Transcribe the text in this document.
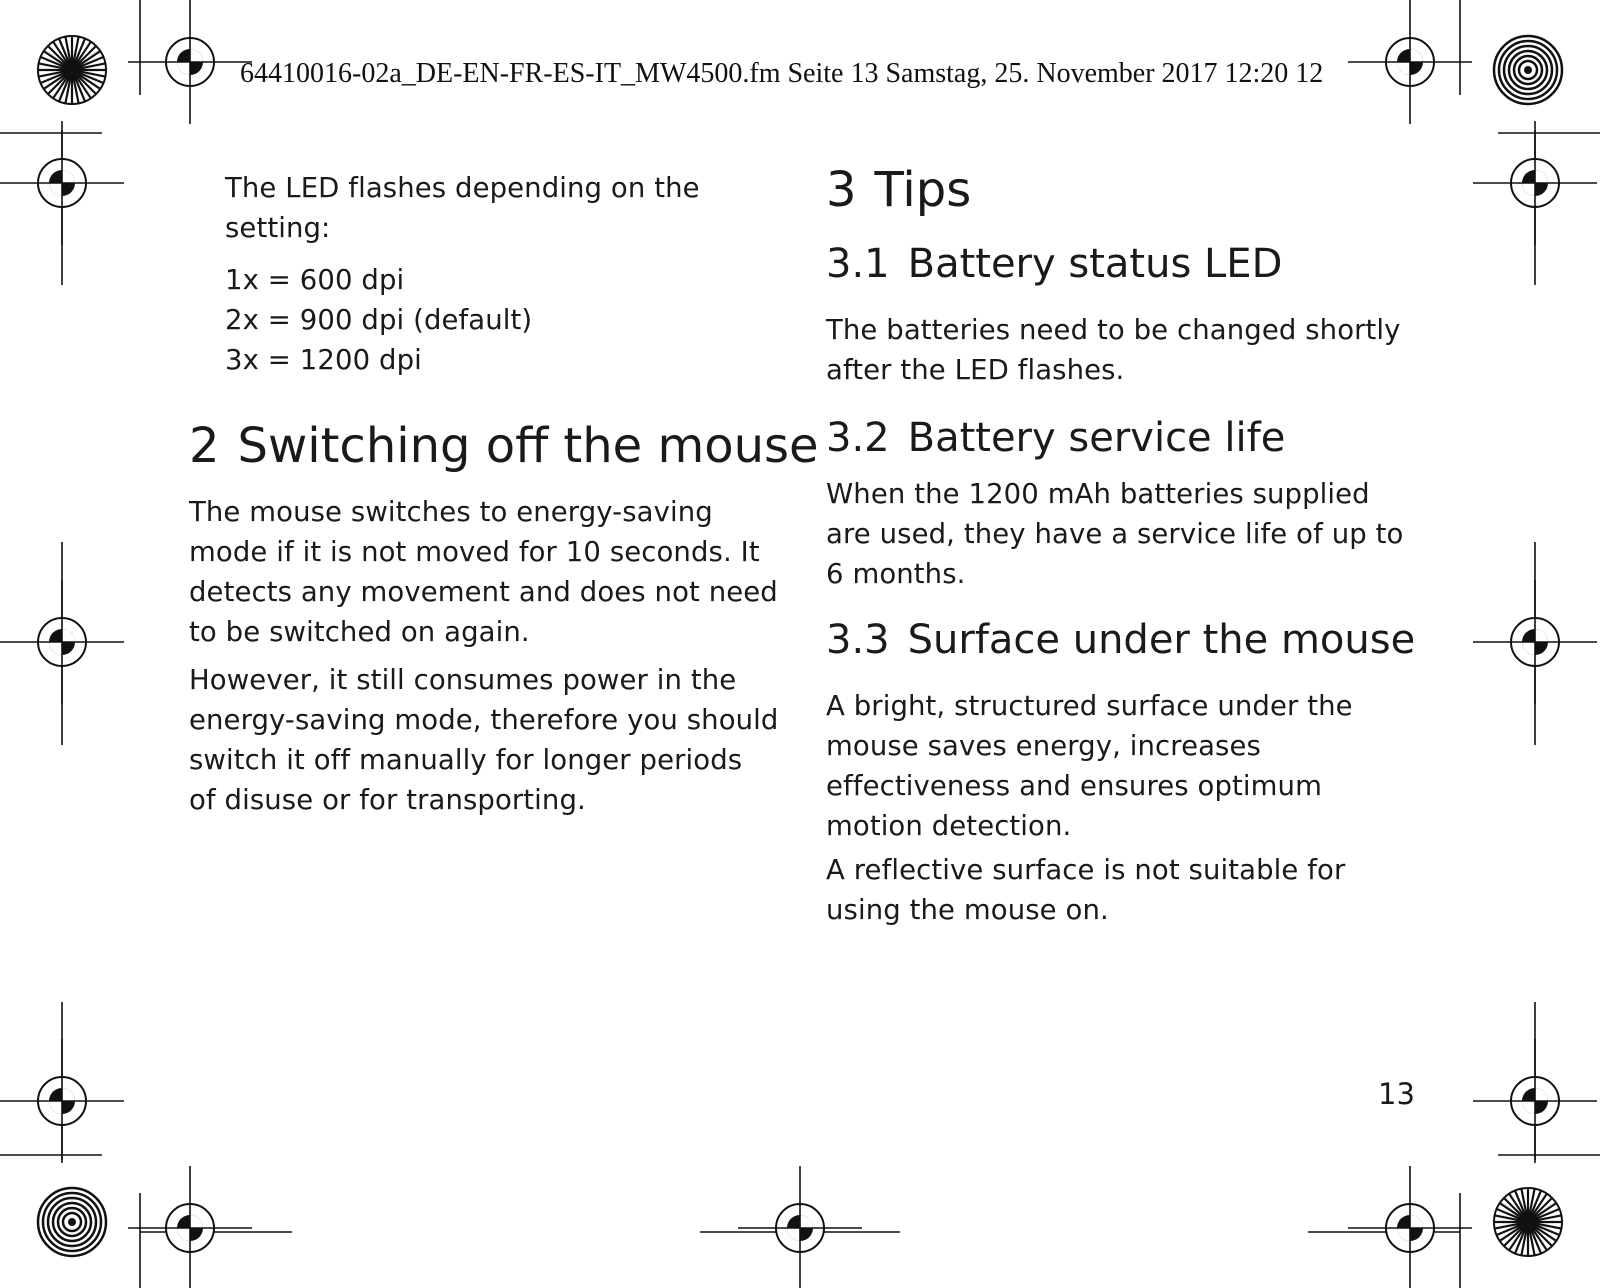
64410016-02a_DE-EN-FR-ES-IT_MW4500.fm Seite 13 Samstag, 25. November 2017 12:20 12

The LED flashes depending on the

setting:

1x = 600 dpi

2x = 900 dpi (default)

3x = 1200 dpi

2 Switching off the mouse

The mouse switches to energy-saving

mode if it is not moved for 10 seconds. It

detects any movement and does not need

to be switched on again.

However, it still consumes power in the

energy-saving mode, therefore you should

switch it off manually for longer periods

of disuse or for transporting.

3 Tips
3.1 Battery status LED

The batteries need to be changed shortly

after the LED flashes.

3.2 Battery service life

When the 1200 mAh batteries supplied

are used, they have a service life of up to

6 months.

3.3 Surface under the mouse

A bright, structured surface under the

mouse saves energy, increases

effectiveness and ensures optimum

motion detection.

A reflective surface is not suitable for

using the mouse on.

13
